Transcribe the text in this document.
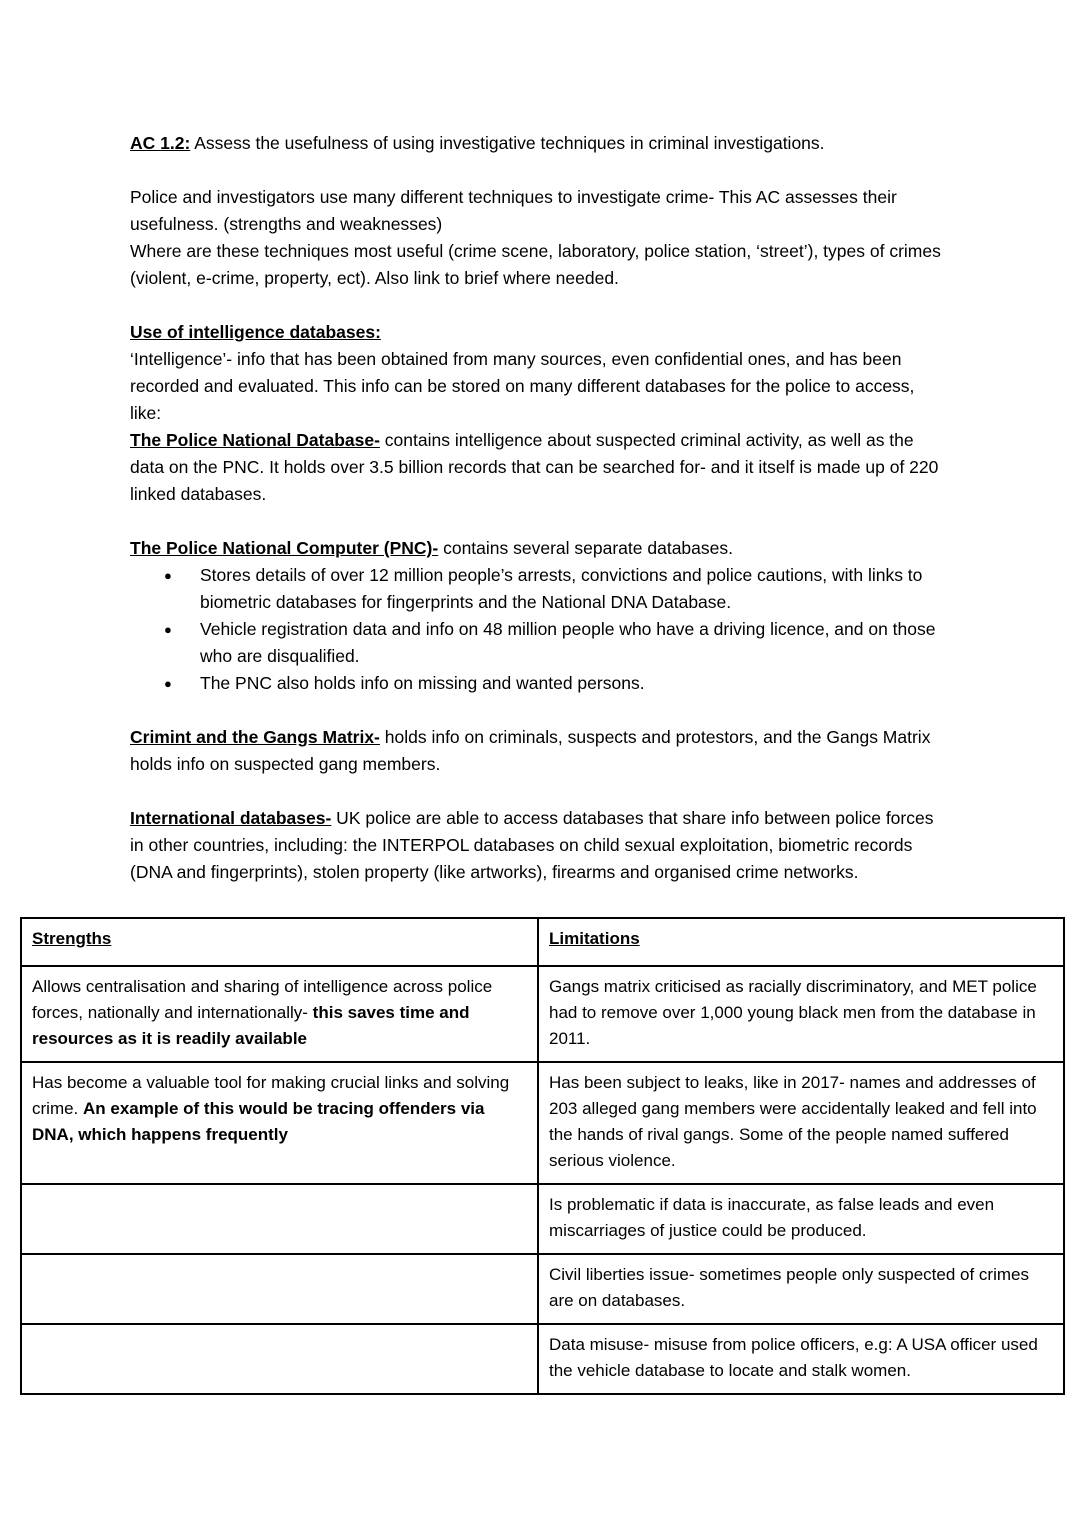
AC 1.2: Assess the usefulness of using investigative techniques in criminal investigations.

Police and investigators use many different techniques to investigate crime- This AC assesses their usefulness. (strengths and weaknesses)

Where are these techniques most useful (crime scene, laboratory, police station, ‘street’), types of crimes (violent, e-crime, property, ect). Also link to brief where needed.

Use of intelligence databases:

‘Intelligence’- info that has been obtained from many sources, even confidential ones, and has been recorded and evaluated. This info can be stored on many different databases for the police to access, like:

The Police National Database- contains intelligence about suspected criminal activity, as well as the data on the PNC. It holds over 3.5 billion records that can be searched for- and it itself is made up of 220 linked databases.

The Police National Computer (PNC)- contains several separate databases.

●	Stores details of over 12 million people’s arrests, convictions and police cautions, with links to biometric databases for fingerprints and the National DNA Database.
●	Vehicle registration data and info on 48 million people who have a driving licence, and on those who are disqualified.
●	The PNC also holds info on missing and wanted persons.

Crimint and the Gangs Matrix- holds info on criminals, suspects and protestors, and the Gangs Matrix holds info on suspected gang members.

International databases- UK police are able to access databases that share info between police forces in other countries, including: the INTERPOL databases on child sexual exploitation, biometric records (DNA and fingerprints), stolen property (like artworks), firearms and organised crime networks.

Strengths	Limitations
Allows centralisation and sharing of intelligence across police forces, nationally and internationally- this saves time and resources as it is readily available	Gangs matrix criticised as racially discriminatory, and MET police had to remove over 1,000 young black men from the database in 2011.
Has become a valuable tool for making crucial links and solving crime. An example of this would be tracing offenders via DNA, which happens frequently	Has been subject to leaks, like in 2017- names and addresses of 203 alleged gang members were accidentally leaked and fell into the hands of rival gangs. Some of the people named suffered serious violence.
	Is problematic if data is inaccurate, as false leads and even miscarriages of justice could be produced.
	Civil liberties issue- sometimes people only suspected of crimes are on databases.
	Data misuse- misuse from police officers, e.g: A USA officer used the vehicle database to locate and stalk women.
